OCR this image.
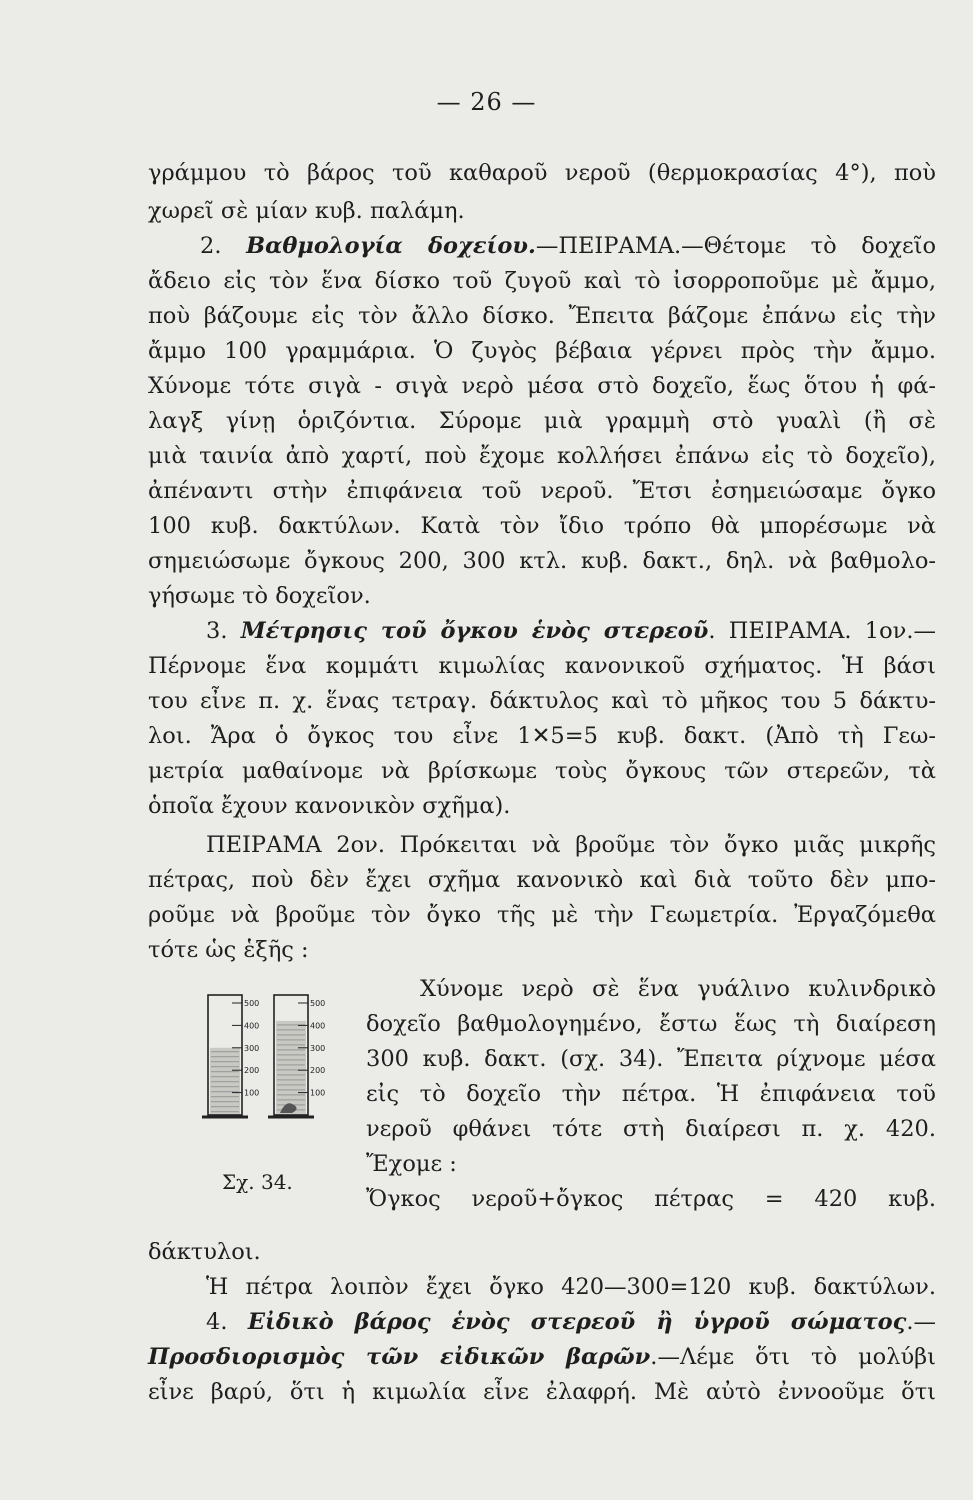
— 26 —
γράμμου τὸ βάρος τοῦ καθαροῦ νεροῦ (θερμοκρασίας 4°), ποὺ
χωρεῖ σὲ μίαν κυβ. παλάμη.
2. Βαθμολογία δοχείου.—ΠΕΙΡΑΜΑ.—Θέτομε τὸ δοχεῖο
ἄδειο εἰς τὸν ἕνα δίσκο τοῦ ζυγοῦ καὶ τὸ ἰσορροποῦμε μὲ ἄμμο,
ποὺ βάζουμε εἰς τὸν ἄλλο δίσκο. Ἔπειτα βάζομε ἐπάνω εἰς τὴν
ἄμμο 100 γραμμάρια. Ὁ ζυγὸς βέβαια γέρνει πρὸς τὴν ἄμμο.
Χύνομε τότε σιγὰ - σιγὰ νερὸ μέσα στὸ δοχεῖο, ἕως ὅτου ἡ φά-
λαγξ γίνῃ ὁριζόντια. Σύρομε μιὰ γραμμὴ στὸ γυαλὶ (ἢ σὲ
μιὰ ταινία ἀπὸ χαρτί, ποὺ ἔχομε κολλήσει ἐπάνω εἰς τὸ δοχεῖο),
ἀπέναντι στὴν ἐπιφάνεια τοῦ νεροῦ. Ἔτσι ἐσημειώσαμε ὄγκο
100 κυβ. δακτύλων. Κατὰ τὸν ἴδιο τρόπο θὰ μπορέσωμε νὰ
σημειώσωμε ὄγκους 200, 300 κτλ. κυβ. δακτ., δηλ. νὰ βαθμολο-
γήσωμε τὸ δοχεῖον.
3. Μέτρησις τοῦ ὄγκου ἑνὸς στερεοῦ. ΠΕΙΡΑΜΑ. 1ον.—
Πέρνομε ἕνα κομμάτι κιμωλίας κανονικοῦ σχήματος. Ἡ βάσι
του εἶνε π. χ. ἕνας τετραγ. δάκτυλος καὶ τὸ μῆκος του 5 δάκτυ-
λοι. Ἄρα ὁ ὄγκος του εἶνε 1✕5=5 κυβ. δακτ. (Ἀπὸ τὴ Γεω-
μετρία μαθαίνομε νὰ βρίσκωμε τοὺς ὄγκους τῶν στερεῶν, τὰ
ὁποῖα ἔχουν κανονικὸν σχῆμα).
ΠΕΙΡΑΜΑ 2ον. Πρόκειται νὰ βροῦμε τὸν ὄγκο μιᾶς μικρῆς
πέτρας, ποὺ δὲν ἔχει σχῆμα κανονικὸ καὶ διὰ τοῦτο δὲν μπο-
ροῦμε νὰ βροῦμε τὸν ὄγκο τῆς μὲ τὴν Γεωμετρία. Ἐργαζόμεθα
τότε ὡς ἑξῆς :
Χύνομε νερὸ σὲ ἕνα γυάλινο κυλινδρικὸ
δοχεῖο βαθμολογημένο, ἔστω ἕως τὴ διαίρεση
300 κυβ. δακτ. (σχ. 34). Ἔπειτα ρίχνομε μέσα
εἰς τὸ δοχεῖο τὴν πέτρα. Ἡ ἐπιφάνεια τοῦ
νεροῦ φθάνει τότε στὴ διαίρεσι π. χ. 420.
Ἔχομε :
Ὄγκος νεροῦ+ὄγκος πέτρας = 420 κυβ.
δάκτυλοι.
Ἡ πέτρα λοιπὸν ἔχει ὄγκο 420—300=120 κυβ. δακτύλων.
4. Εἰδικὸ βάρος ἑνὸς στερεοῦ ἢ ὑγροῦ σώματος.—
Προσδιορισμὸς τῶν εἰδικῶν βαρῶν.—Λέμε ὅτι τὸ μολύβι
εἶνε βαρύ, ὅτι ἡ κιμωλία εἶνε ἐλαφρή. Μὲ αὐτὸ ἐννοοῦμε ὅτι
500
400
300
200
100
500
400
300
200
100
Σχ. 34.
